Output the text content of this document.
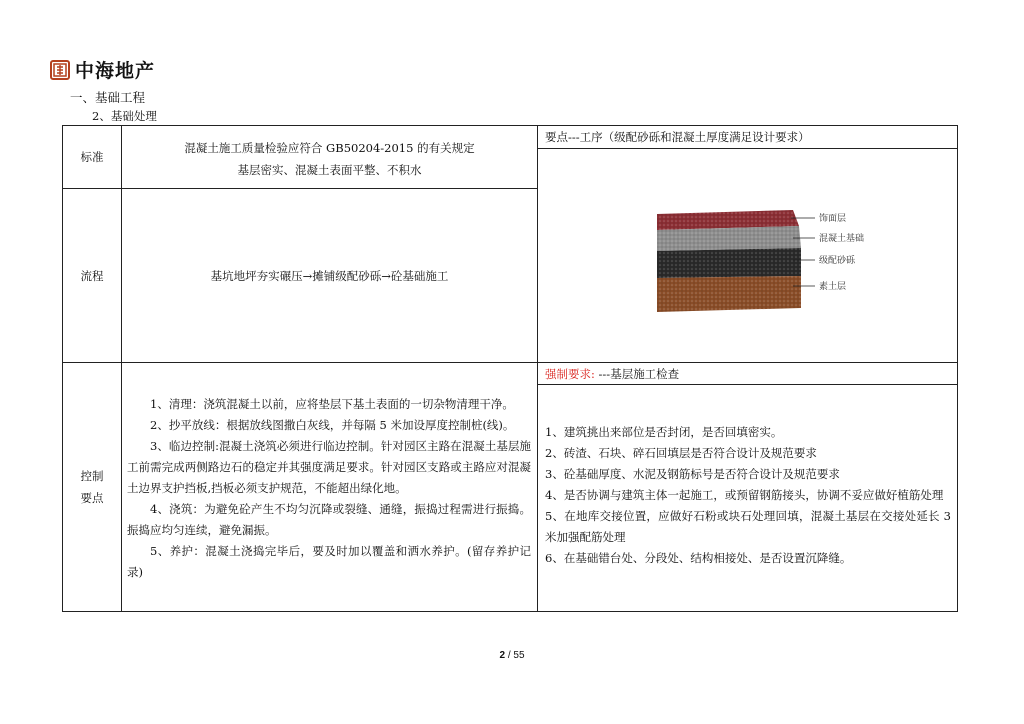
中海地产
一、基础工程
2、基础处理
标准
混凝土施工质量检验应符合 GB50204-2015 的有关规定
基层密实、混凝土表面平整、不积水
要点---工序（级配砂砾和混凝土厚度满足设计要求）
饰面层
混凝土基础
级配砂砾
素土层
流程	基坑地坪夯实碾压→摊铺级配砂砾→砼基础施工
控制
要点
1、清理：浇筑混凝土以前，应将垫层下基土表面的一切杂物清理干净。
2、抄平放线：根据放线图撒白灰线，并每隔 5 米加设厚度控制桩(线)。
3、临边控制:混凝土浇筑必须进行临边控制。针对园区主路在混凝土基层施工前需完成两侧路边石的稳定并其强度满足要求。针对园区支路或主路应对混凝土边界支护挡板,挡板必须支护规范，不能超出绿化地。
4、浇筑：为避免砼产生不均匀沉降或裂缝、通缝，振捣过程需进行振捣。振捣应均匀连续，避免漏振。
5、养护：混凝土浇捣完毕后，要及时加以覆盖和洒水养护。(留存养护记录)
强制要求: ---基层施工检查
1、建筑挑出来部位是否封闭，是否回填密实。
2、砖渣、石块、碎石回填层是否符合设计及规范要求
3、砼基础厚度、水泥及钢筋标号是否符合设计及规范要求
4、是否协调与建筑主体一起施工，或预留钢筋接头，协调不妥应做好植筋处理
5、在地库交接位置，应做好石粉或块石处理回填，混凝土基层在交接处延长 3 米加强配筋处理
6、在基础错台处、分段处、结构相接处、是否设置沉降缝。
2 / 55
